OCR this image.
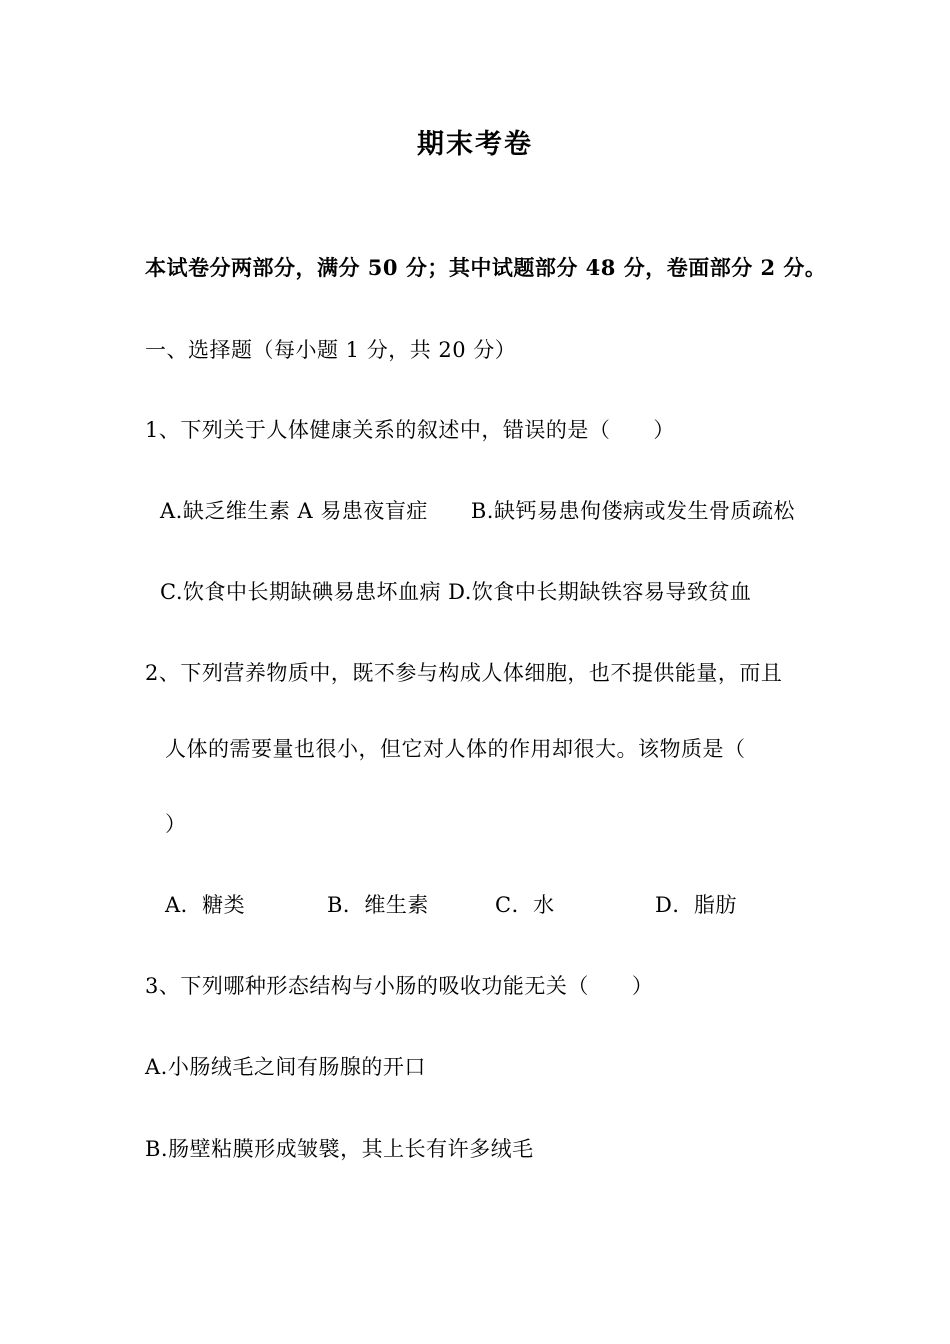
期末考卷
本试卷分两部分，满分 50 分；其中试题部分 48 分，卷面部分 2 分。
一、选择题（每小题 1 分，共 20 分）
1、下列关于人体健康关系的叙述中，错误的是（　　）
A.缺乏维生素 A 易患夜盲症　　B.缺钙易患佝偻病或发生骨质疏松
C.饮食中长期缺碘易患坏血病 D.饮食中长期缺铁容易导致贫血
2、下列营养物质中，既不参与构成人体细胞，也不提供能量，而且
人体的需要量也很小，但它对人体的作用却很大。该物质是（
）
A．糖类	B．维生素	C．水	D．脂肪
3、下列哪种形态结构与小肠的吸收功能无关（　　）
A.小肠绒毛之间有肠腺的开口
B.肠壁粘膜形成皱襞，其上长有许多绒毛
